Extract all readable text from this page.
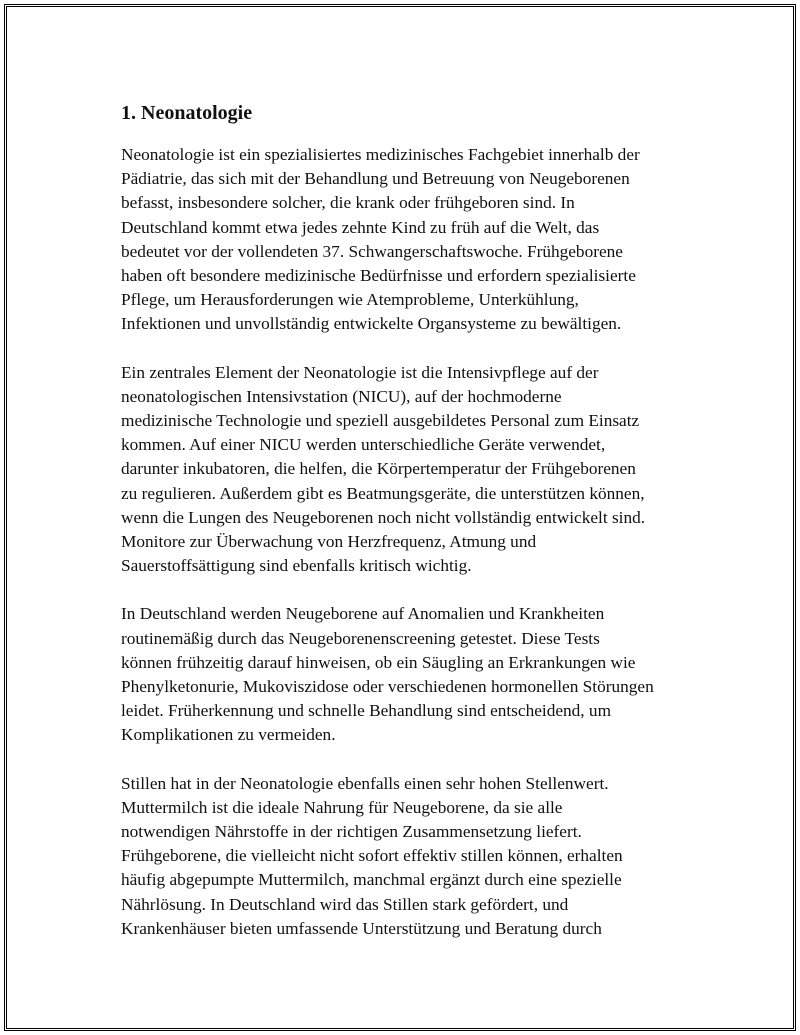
1. Neonatologie

Neonatologie ist ein spezialisiertes medizinisches Fachgebiet innerhalb der
Pädiatrie, das sich mit der Behandlung und Betreuung von Neugeborenen
befasst, insbesondere solcher, die krank oder frühgeboren sind. In
Deutschland kommt etwa jedes zehnte Kind zu früh auf die Welt, das
bedeutet vor der vollendeten 37. Schwangerschaftswoche. Frühgeborene
haben oft besondere medizinische Bedürfnisse und erfordern spezialisierte
Pflege, um Herausforderungen wie Atemprobleme, Unterkühlung,
Infektionen und unvollständig entwickelte Organsysteme zu bewältigen.

Ein zentrales Element der Neonatologie ist die Intensivpflege auf der
neonatologischen Intensivstation (NICU), auf der hochmoderne
medizinische Technologie und speziell ausgebildetes Personal zum Einsatz
kommen. Auf einer NICU werden unterschiedliche Geräte verwendet,
darunter inkubatoren, die helfen, die Körpertemperatur der Frühgeborenen
zu regulieren. Außerdem gibt es Beatmungsgeräte, die unterstützen können,
wenn die Lungen des Neugeborenen noch nicht vollständig entwickelt sind.
Monitore zur Überwachung von Herzfrequenz, Atmung und
Sauerstoffsättigung sind ebenfalls kritisch wichtig.

In Deutschland werden Neugeborene auf Anomalien und Krankheiten
routinemäßig durch das Neugeborenenscreening getestet. Diese Tests
können frühzeitig darauf hinweisen, ob ein Säugling an Erkrankungen wie
Phenylketonurie, Mukoviszidose oder verschiedenen hormonellen Störungen
leidet. Früherkennung und schnelle Behandlung sind entscheidend, um
Komplikationen zu vermeiden.

Stillen hat in der Neonatologie ebenfalls einen sehr hohen Stellenwert.
Muttermilch ist die ideale Nahrung für Neugeborene, da sie alle
notwendigen Nährstoffe in der richtigen Zusammensetzung liefert.
Frühgeborene, die vielleicht nicht sofort effektiv stillen können, erhalten
häufig abgepumpte Muttermilch, manchmal ergänzt durch eine spezielle
Nährlösung. In Deutschland wird das Stillen stark gefördert, und
Krankenhäuser bieten umfassende Unterstützung und Beratung durch
